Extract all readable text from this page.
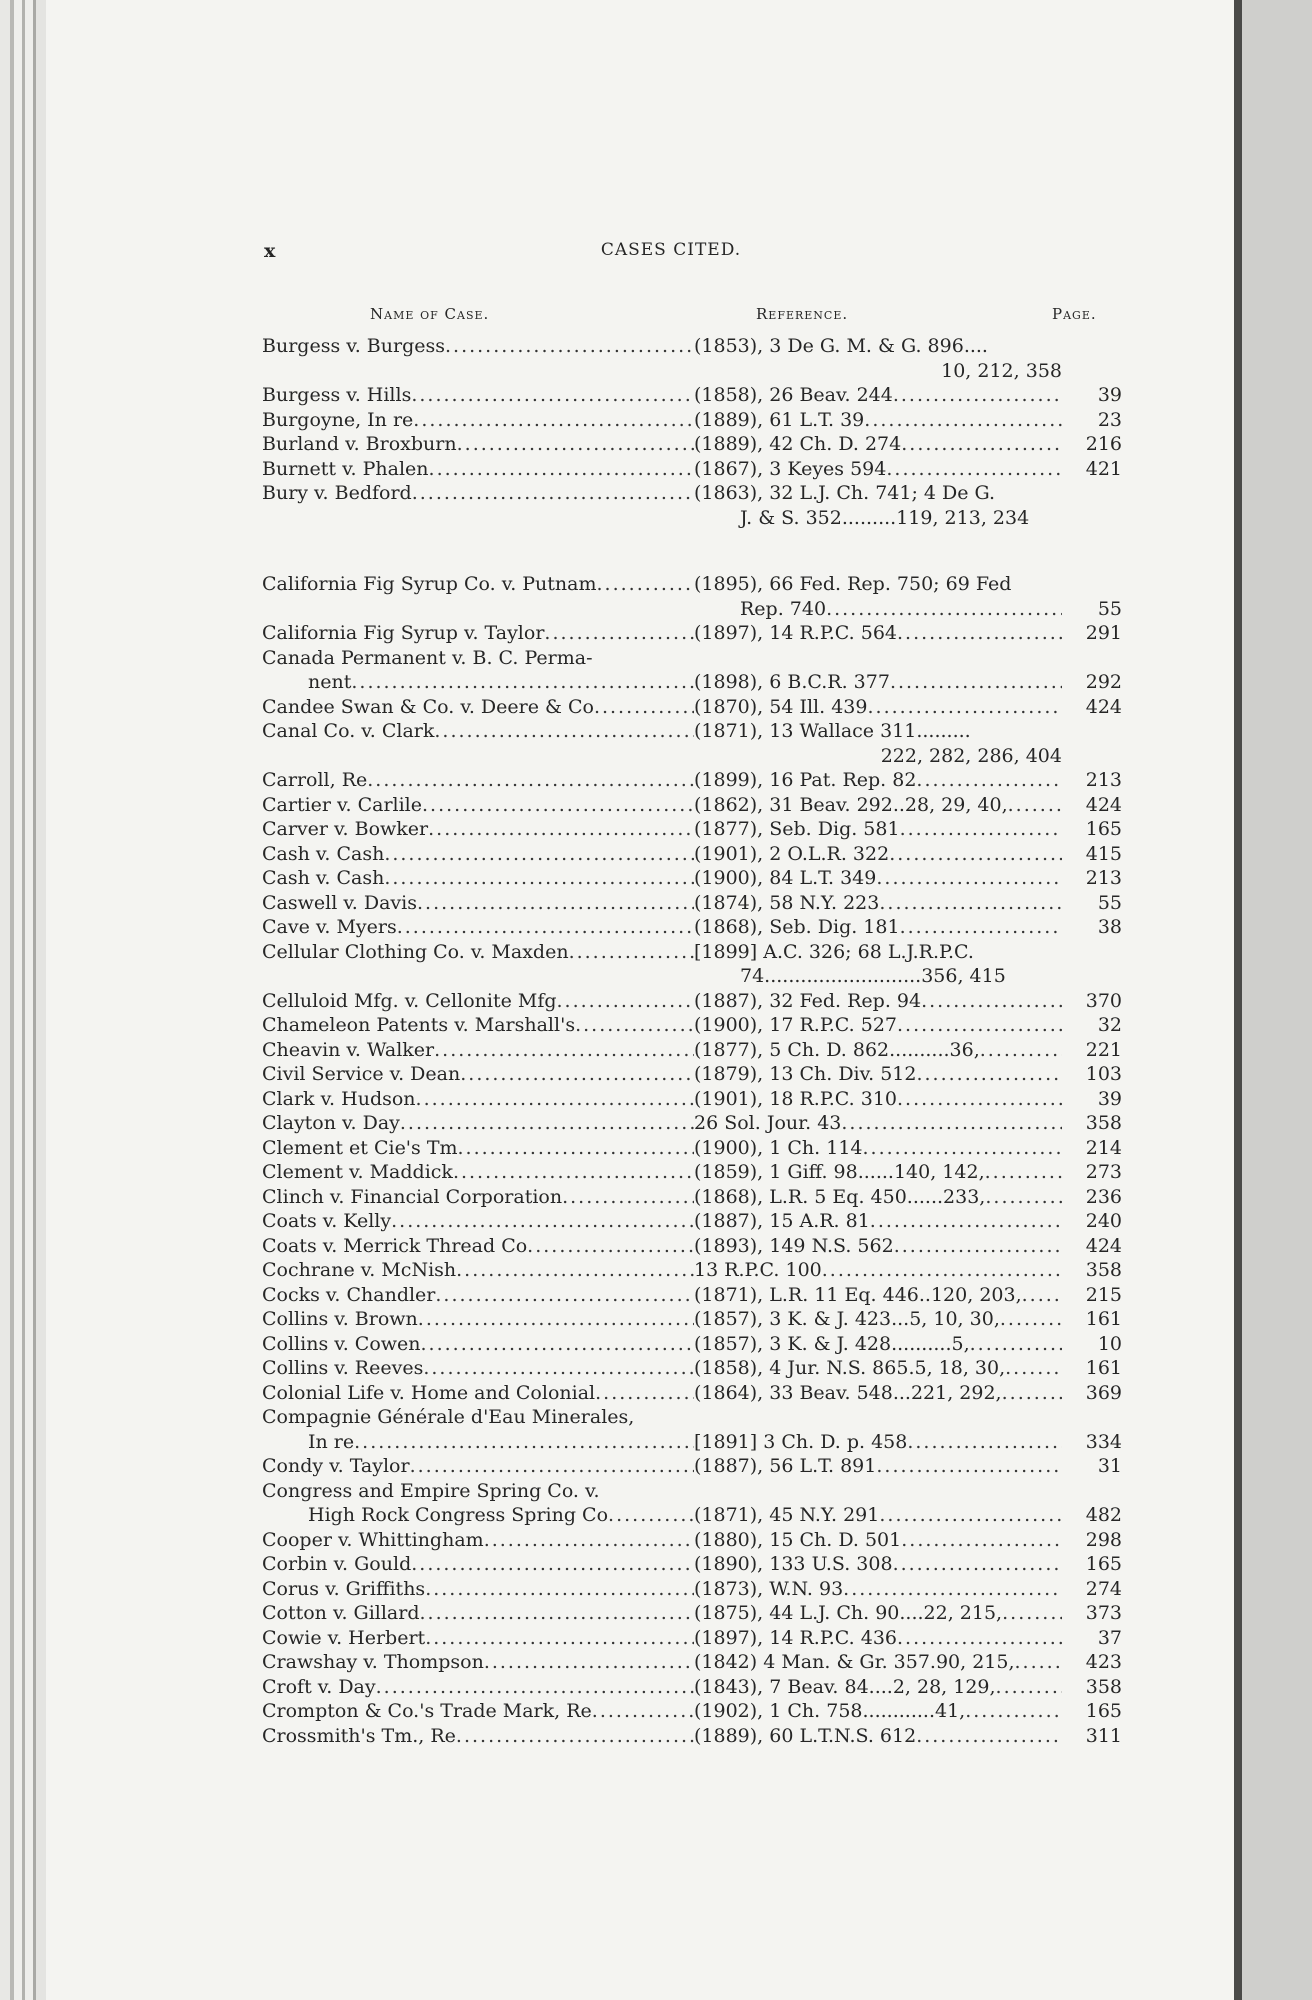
x	CASES CITED.
Name of Case.	Reference.	Page.
Burgess v. Burgess .....	(1853), 3 De G. M. & G. 896....
10, 212, 358
Burgess v. Hills .....	(1858), 26 Beav. 244 .....	39
Burgoyne, In re .....	(1889), 61 L.T. 39 .....	23
Burland v. Broxburn .....	(1889), 42 Ch. D. 274 .....	216
Burnett v. Phalen .....	(1867), 3 Keyes 594 .....	421
Bury v. Bedford .....	(1863), 32 L.J. Ch. 741; 4 De G.
J. & S. 352.........119, 213, 234
California Fig Syrup Co. v. Putnam .....	(1895), 66 Fed. Rep. 750; 69 Fed
Rep. 740 .....	55
California Fig Syrup v. Taylor .....	(1897), 14 R.P.C. 564 .....	291
Canada Permanent v. B. C. Perma-
nent .....	(1898), 6 B.C.R. 377 .....	292
Candee Swan & Co. v. Deere & Co .....	(1870), 54 Ill. 439 .....	424
Canal Co. v. Clark .....	(1871), 13 Wallace 311.........
222, 282, 286, 404
Carroll, Re .....	(1899), 16 Pat. Rep. 82 .....	213
Cartier v. Carlile .....	(1862), 31 Beav. 292..28, 29, 40, .....	424
Carver v. Bowker .....	(1877), Seb. Dig. 581 .....	165
Cash v. Cash .....	(1901), 2 O.L.R. 322 .....	415
Cash v. Cash .....	(1900), 84 L.T. 349 .....	213
Caswell v. Davis .....	(1874), 58 N.Y. 223 .....	55
Cave v. Myers .....	(1868), Seb. Dig. 181 .....	38
Cellular Clothing Co. v. Maxden .....	[1899] A.C. 326; 68 L.J.R.P.C.
74..........................356, 415
Celluloid Mfg. v. Cellonite Mfg .....	(1887), 32 Fed. Rep. 94 .....	370
Chameleon Patents v. Marshall's .....	(1900), 17 R.P.C. 527 .....	32
Cheavin v. Walker .....	(1877), 5 Ch. D. 862..........36, .....	221
Civil Service v. Dean .....	(1879), 13 Ch. Div. 512 .....	103
Clark v. Hudson .....	(1901), 18 R.P.C. 310 .....	39
Clayton v. Day .....	26 Sol. Jour. 43 .....	358
Clement et Cie's Tm .....	(1900), 1 Ch. 114 .....	214
Clement v. Maddick .....	(1859), 1 Giff. 98......140, 142, .....	273
Clinch v. Financial Corporation .....	(1868), L.R. 5 Eq. 450......233, .....	236
Coats v. Kelly .....	(1887), 15 A.R. 81 .....	240
Coats v. Merrick Thread Co .....	(1893), 149 N.S. 562 .....	424
Cochrane v. McNish .....	13 R.P.C. 100 .....	358
Cocks v. Chandler .....	(1871), L.R. 11 Eq. 446..120, 203, .....	215
Collins v. Brown .....	(1857), 3 K. & J. 423...5, 10, 30, .....	161
Collins v. Cowen .....	(1857), 3 K. & J. 428..........5, .....	10
Collins v. Reeves .....	(1858), 4 Jur. N.S. 865.5, 18, 30, .....	161
Colonial Life v. Home and Colonial .....	(1864), 33 Beav. 548...221, 292, .....	369
Compagnie Générale d'Eau Minerales,
In re .....	[1891] 3 Ch. D. p. 458 .....	334
Condy v. Taylor .....	(1887), 56 L.T. 891 .....	31
Congress and Empire Spring Co. v.
High Rock Congress Spring Co .....	(1871), 45 N.Y. 291 .....	482
Cooper v. Whittingham .....	(1880), 15 Ch. D. 501 .....	298
Corbin v. Gould .....	(1890), 133 U.S. 308 .....	165
Corus v. Griffiths .....	(1873), W.N. 93 .....	274
Cotton v. Gillard .....	(1875), 44 L.J. Ch. 90....22, 215, .....	373
Cowie v. Herbert .....	(1897), 14 R.P.C. 436 .....	37
Crawshay v. Thompson .....	(1842) 4 Man. & Gr. 357.90, 215, .....	423
Croft v. Day .....	(1843), 7 Beav. 84....2, 28, 129, .....	358
Crompton & Co.'s Trade Mark, Re .....	(1902), 1 Ch. 758............41, .....	165
Crossmith's Tm., Re .....	(1889), 60 L.T.N.S. 612 .....	311
